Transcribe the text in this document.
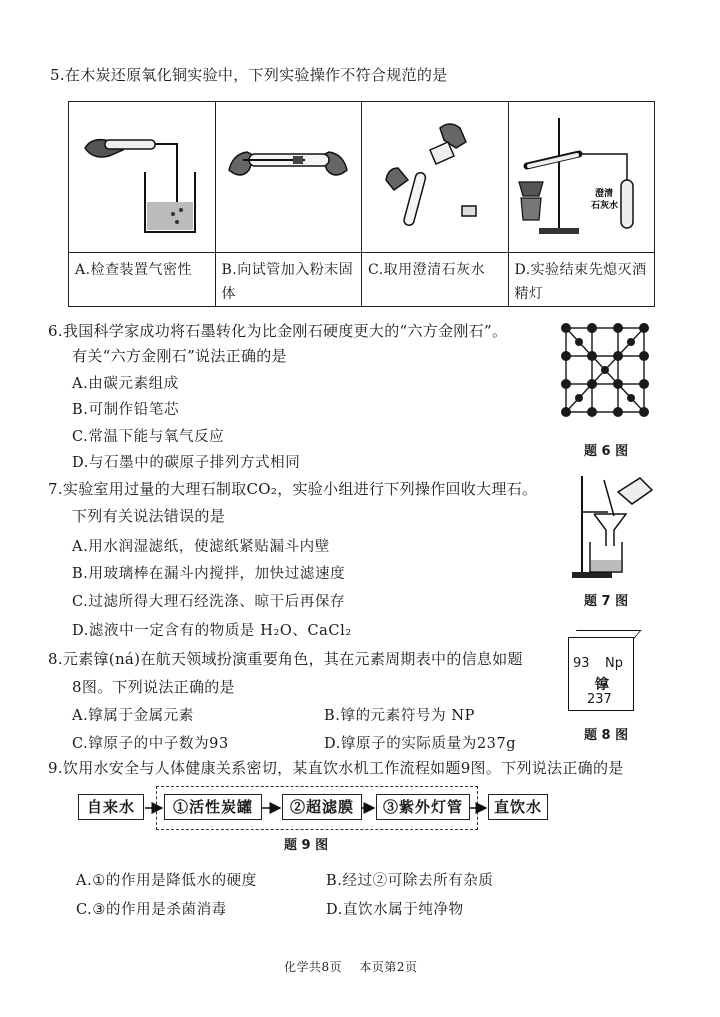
5.在木炭还原氧化铜实验中，下列实验操作不符合规范的是

澄清
石灰水

A.检查装置气密性	B.向试管加入粉末固体	C.取用澄清石灰水	D.实验结束先熄灭酒精灯
6.我国科学家成功将石墨转化为比金刚石硬度更大的“六方金刚石”。
有关“六方金刚石”说法正确的是
A.由碳元素组成
B.可制作铅笔芯
C.常温下能与氧气反应
D.与石墨中的碳原子排列方式相同
题 6 图
7.实验室用过量的大理石制取CO₂，实验小组进行下列操作回收大理石。
下列有关说法错误的是
A.用水润湿滤纸，使滤纸紧贴漏斗内壁
B.用玻璃棒在漏斗内搅拌，加快过滤速度
C.过滤所得大理石经洗涤、晾干后再保存
D.滤液中一定含有的物质是 H₂O、CaCl₂
题 7 图
8.元素镎(ná)在航天领域扮演重要角色，其在元素周期表中的信息如题
8图。下列说法正确的是
A.镎属于金属元素	B.镎的元素符号为 NP
C.镎原子的中子数为93	D.镎原子的实际质量为237g
93 Np
镎
237
题 8 图
9.饮用水安全与人体健康关系密切，某直饮水机工作流程如题9图。下列说法正确的是
自来水	①活性炭罐	②超滤膜	③紫外灯管	直饮水
题 9 图
A.①的作用是降低水的硬度	B.经过②可除去所有杂质
C.③的作用是杀菌消毒	D.直饮水属于纯净物
化学共8页    本页第2页
